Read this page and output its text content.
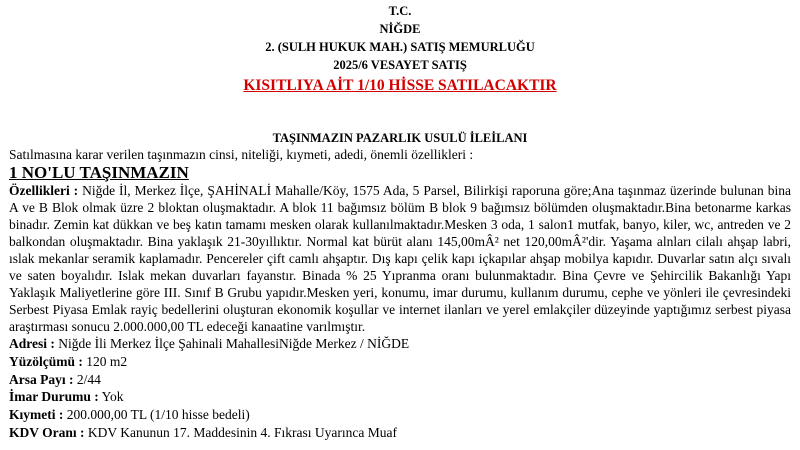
T.C.
NİĞDE
2. (SULH HUKUK MAH.) SATIŞ MEMURLUĞU
2025/6 VESAYET SATIŞ
KISITLIYA AİT 1/10 HİSSE SATILACAKTIR
TAŞINMAZIN PAZARLIK USULÜ İLEİLANI
Satılmasına karar verilen taşınmazın cinsi, niteliği, kıymeti, adedi, önemli özellikleri :
1 NO'LU TAŞINMAZIN
Özellikleri : Niğde İl, Merkez İlçe, ŞAHİNALİ Mahalle/Köy, 1575 Ada, 5 Parsel, Bilirkişi raporuna göre;Ana taşınmaz üzerinde bulunan bina A ve B Blok olmak üzre 2 bloktan oluşmaktadır. A blok 11 bağımsız bölüm B blok 9 bağımsız bölümden oluşmaktadır.Bina betonarme karkas binadır. Zemin kat dükkan ve beş katın tamamı mesken olarak kullanılmaktadır.Mesken 3 oda, 1 salon1 mutfak, banyo, kiler, wc, antreden ve 2 balkondan oluşmaktadır. Bina yaklaşık 21-30yıllıktır. Normal kat bürüt alanı 145,00mÂ² net 120,00mÂ²'dir. Yaşama alnları cilalı ahşap labri, ıslak mekanlar seramik kaplamadır. Pencereler çift camlı ahşaptır. Dış kapı çelik kapı içkapılar ahşap mobilya kapıdır. Duvarlar satın alçı sıvalı ve saten boyalıdır. Islak mekan duvarları fayanstır. Binada % 25 Yıpranma oranı bulunmaktadır. Bina Çevre ve Şehircilik Bakanlığı Yapı Yaklaşık Maliyetlerine göre III. Sınıf B Grubu yapıdır.Mesken yeri, konumu, imar durumu, kullanım durumu, cephe ve yönleri ile çevresindeki Serbest Piyasa Emlak rayiç bedellerini oluşturan ekonomik koşullar ve internet ilanları ve yerel emlakçiler düzeyinde yaptığımız serbest piyasa araştırması sonucu 2.000.000,00 TL edeceği kanaatine varılmıştır.
Adresi : Niğde İli Merkez İlçe Şahinali MahallesiNiğde Merkez / NİĞDE
Yüzölçümü : 120 m2
Arsa Payı : 2/44
İmar Durumu : Yok
Kıymeti : 200.000,00 TL (1/10 hisse bedeli)
KDV Oranı : KDV Kanunun 17. Maddesinin 4. Fıkrası Uyarınca Muaf
